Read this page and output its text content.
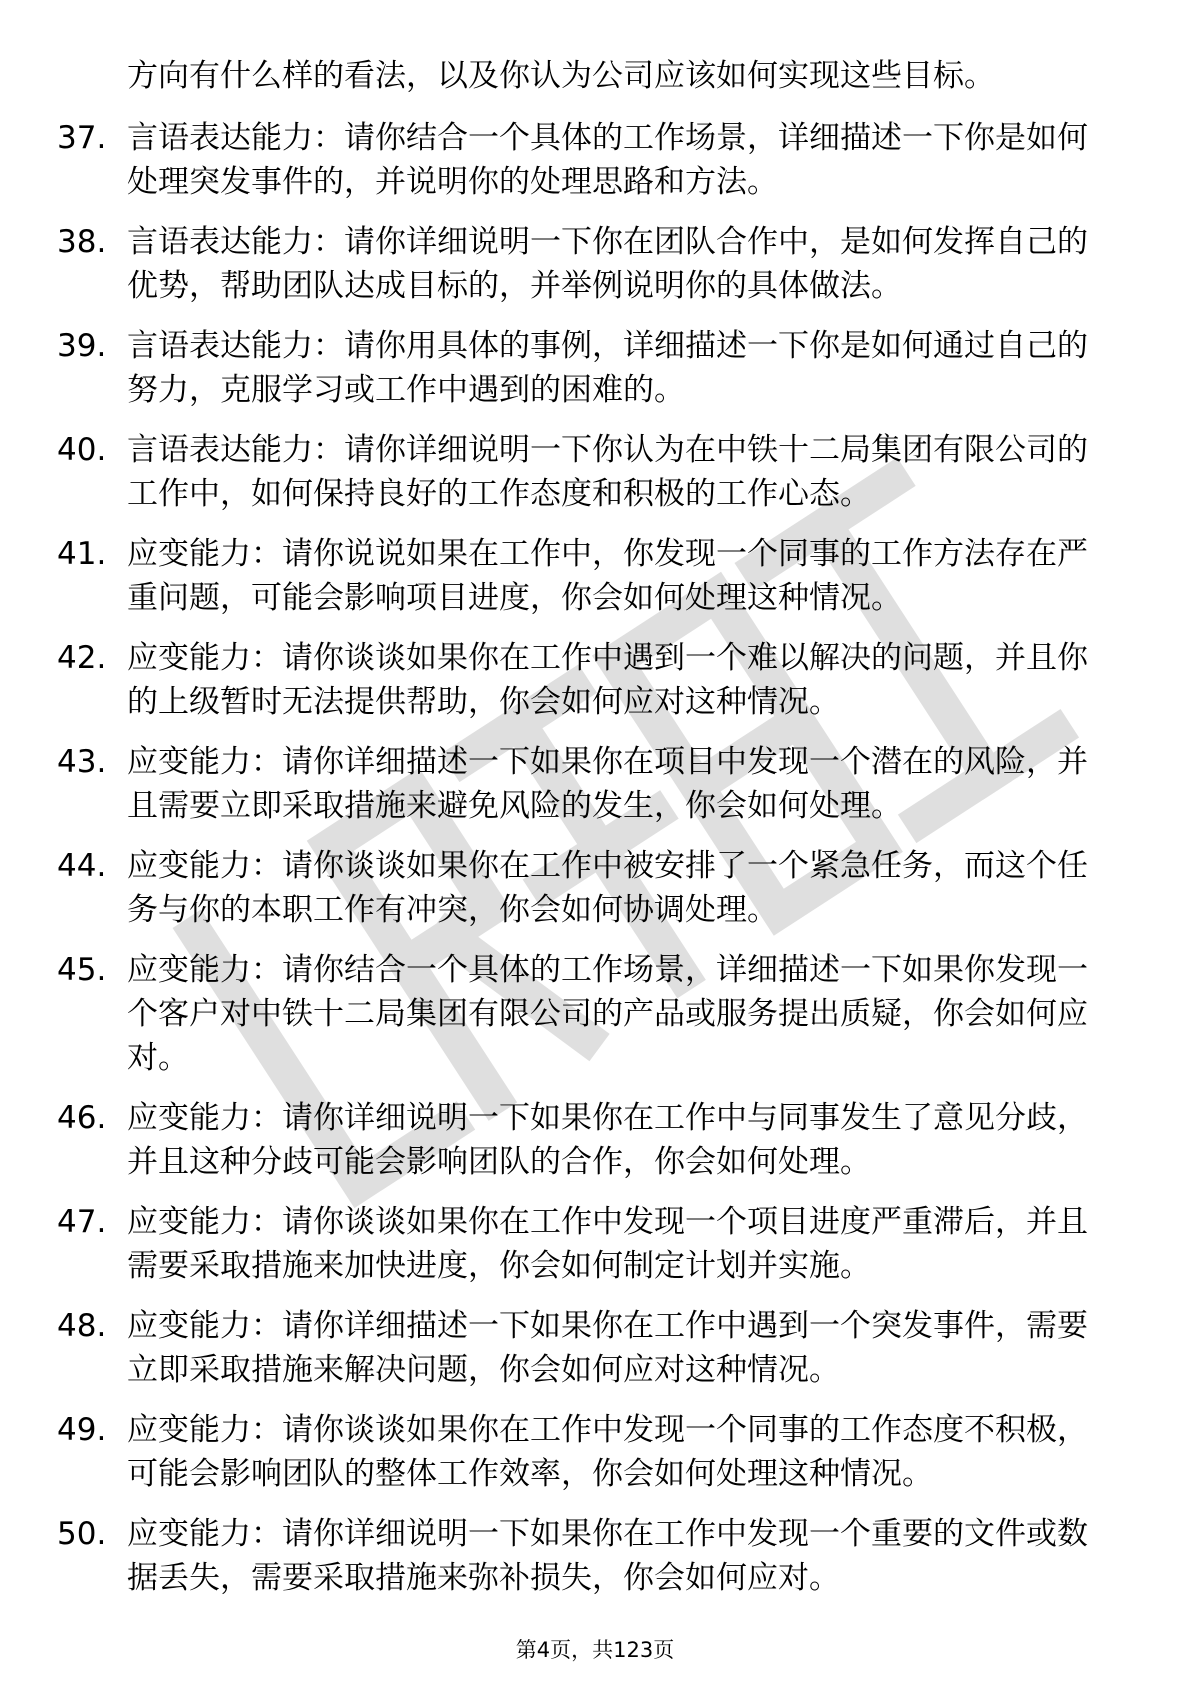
方向有什么样的看法，以及你认为公司应该如何实现这些目标。
37. 言语表达能力：请你结合一个具体的工作场景，详细描述一下你是如何处理突发事件的，并说明你的处理思路和方法。
38. 言语表达能力：请你详细说明一下你在团队合作中，是如何发挥自己的优势，帮助团队达成目标的，并举例说明你的具体做法。
39. 言语表达能力：请你用具体的事例，详细描述一下你是如何通过自己的努力，克服学习或工作中遇到的困难的。
40. 言语表达能力：请你详细说明一下你认为在中铁十二局集团有限公司的工作中，如何保持良好的工作态度和积极的工作心态。
41. 应变能力：请你说说如果在工作中，你发现一个同事的工作方法存在严重问题，可能会影响项目进度，你会如何处理这种情况。
42. 应变能力：请你谈谈如果你在工作中遇到一个难以解决的问题，并且你的上级暂时无法提供帮助，你会如何应对这种情况。
43. 应变能力：请你详细描述一下如果你在项目中发现一个潜在的风险，并且需要立即采取措施来避免风险的发生，你会如何处理。
44. 应变能力：请你谈谈如果你在工作中被安排了一个紧急任务，而这个任务与你的本职工作有冲突，你会如何协调处理。
45. 应变能力：请你结合一个具体的工作场景，详细描述一下如果你发现一个客户对中铁十二局集团有限公司的产品或服务提出质疑，你会如何应对。
46. 应变能力：请你详细说明一下如果你在工作中与同事发生了意见分歧，并且这种分歧可能会影响团队的合作，你会如何处理。
47. 应变能力：请你谈谈如果你在工作中发现一个项目进度严重滞后，并且需要采取措施来加快进度，你会如何制定计划并实施。
48. 应变能力：请你详细描述一下如果你在工作中遇到一个突发事件，需要立即采取措施来解决问题，你会如何应对这种情况。
49. 应变能力：请你谈谈如果你在工作中发现一个同事的工作态度不积极，可能会影响团队的整体工作效率，你会如何处理这种情况。
50. 应变能力：请你详细说明一下如果你在工作中发现一个重要的文件或数据丢失，需要采取措施来弥补损失，你会如何应对。
第4页，共123页
